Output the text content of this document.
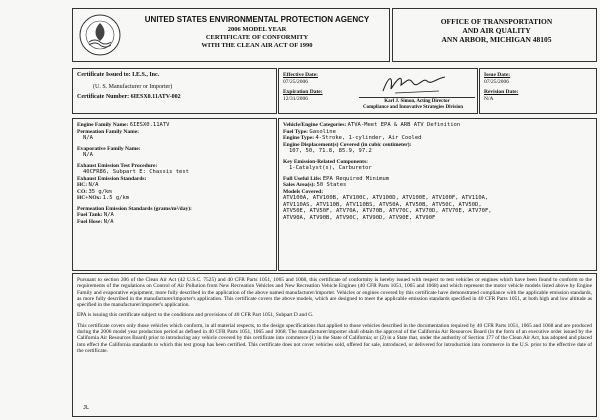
UNITED STATES ENVIRONMENTAL PROTECTION AGENCY
2006 MODEL YEAR
CERTIFICATE OF CONFORMITY
WITH THE CLEAN AIR ACT OF 1990
OFFICE OF TRANSPORTATION
AND AIR QUALITY
ANN ARBOR, MICHIGAN 48105
Certificate Issued to: I.E.S., Inc.
(U. S. Manufacturer or Importer)
Certificate Number: 6IESX0.11ATV-002
Effective Date:
07/25/2006
Expiration Date:
12/31/2006	Karl J. Simon, Acting Director
Compliance and Innovative Strategies Division
Issue Date:
07/25/2006
Revision Date:
N/A
Engine Family Name: 6IESX0.11ATV
Permeation Family Name:
N/A
Evaporative Family Name:
N/A
Exhaust Emission Test Procedure:
40CFR86, Subpart E: Chassis test
Exhaust Emission Standards:
HC: N/A
CO: 35 g/km
HC+NOx: 1.5 g/km
Permeation Emission Standards (grams/m²/day):
Fuel Tank: N/A
Fuel Hose: N/A
Vehicle/Engine Categories: ATVA-Meet EPA & ARB ATV Definition
Fuel Type: Gasoline
Engine Type: 4-Stroke, 1-cylinder, Air Cooled
Engine Displacement(s) Covered (in cubic centimeter):
107, 50, 71.8, 85.9, 97.2
Key Emission-Related Components:
1-Catalyst(s), Carburetor
Full Useful Life: EPA Required Minimum
Sales Area(s): 50 States
Models Covered:
ATV100A, ATV100B, ATV100C, ATV100D, ATV100E, ATV100F, ATV110A,
ATV110AS, ATV110B, ATV110BS, ATV50A, ATV50B, ATV50C, ATV50D,
ATV50E, ATV50F, ATV70A, ATV70B, ATV70C, ATV70D, ATV70E, ATV70F,
ATV90A, ATV90B, ATV90C, ATV90D, ATV90E, ATV90F

Pursuant to section 206 of the Clean Air Act (42 U.S.C. 7525) and 40 CFR Parts 1051, 1065 and 1068, this certificate of conformity is hereby issued with respect to test vehicles or engines which have been found to conform to the requirements of the regulations on Control of Air Pollution from New Recreation Vehicles and New Recreation Vehicle Engines (40 CFR Parts 1051, 1065 and 1068) and which represent the motor vehicle models listed above by Engine Family and evaporative equipment, more fully described in the application of the above named manufacturer/importer. Vehicles or engines covered by this certificate have demonstrated compliance with the applicable emission standards, as more fully described in the manufacturer/importer's application. This certificate covers the above models, which are designed to meet the applicable emission standards specified in 40 CFR Parts 1051, at both high and low altitude as specified in the manufacturer/importer's application.

EPA is issuing this certificate subject to the conditions and provisions of 40 CFR Part 1051, Subpart D and G.

This certificate covers only those vehicles which conform, in all material respects, to the design specifications that applied to those vehicles described in the documentation required by 40 CFR Parts 1051, 1065 and 1068 and are produced during the 2006 model year production period as defined in 40 CFR Parts 1051, 1065 and 1068. The manufacturer/importer shall obtain the approval of the California Air Resources Board (in the form of an executive order issued by the California Air Resources Board) prior to introducing any vehicle covered by this certificate into commerce (1) in the State of California; or (2) in a State that, under the authority of Section 177 of the Clean Air Act, has adopted and placed into effect the California standards to which this test group has been certified. This certificate does not cover vehicles sold, offered for sale, introduced, or delivered for introduction into commerce in the U.S. prior to the effective date of the certificate.

JL
